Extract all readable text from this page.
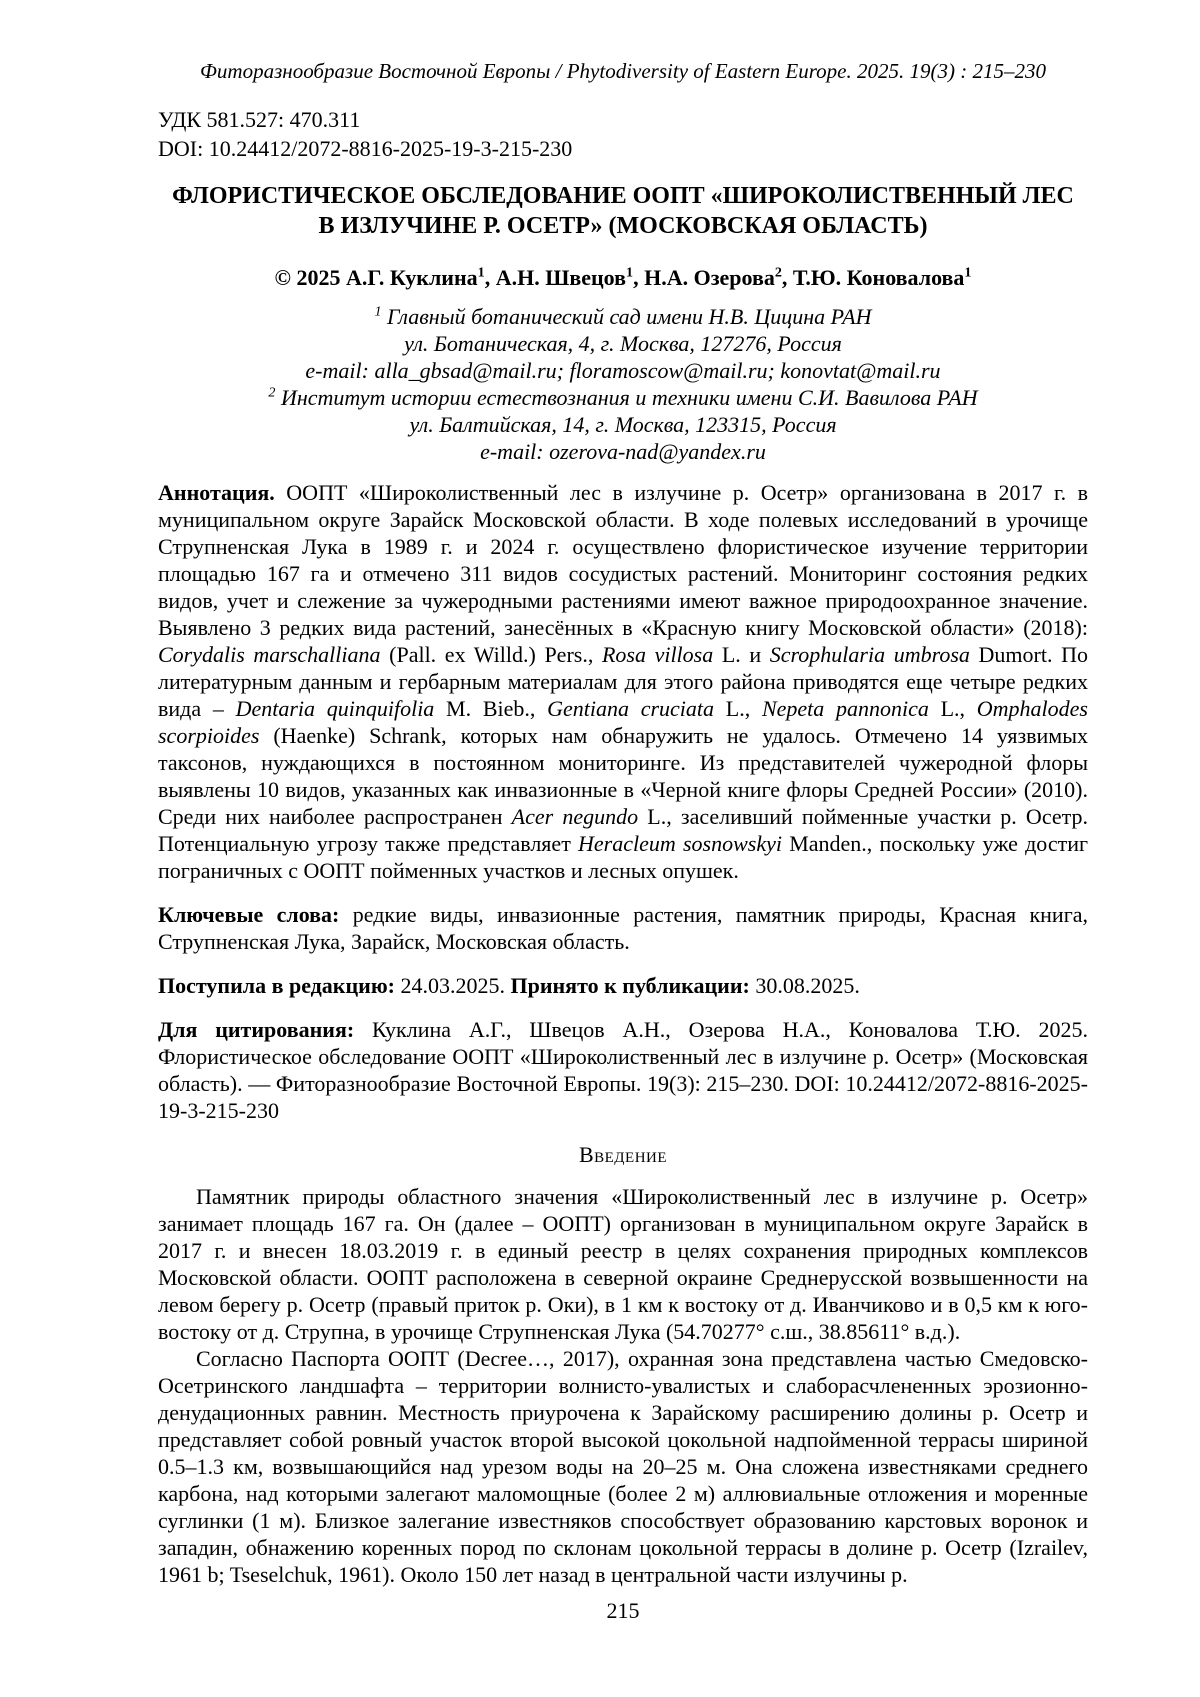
Фиторазнообразие Восточной Европы / Phytodiversity of Eastern Europe. 2025. 19(3) : 215–230
УДК 581.527: 470.311
DOI: 10.24412/2072-8816-2025-19-3-215-230
ФЛОРИСТИЧЕСКОЕ ОБСЛЕДОВАНИЕ ООПТ «ШИРОКОЛИСТВЕННЫЙ ЛЕС
В ИЗЛУЧИНЕ Р. ОСЕТР» (МОСКОВСКАЯ ОБЛАСТЬ)
© 2025 А.Г. Куклина$^1$, А.Н. Швецов$^1$, Н.А. Озерова$^2$, Т.Ю. Коновалова$^1$
$^1$ Главный ботанический сад имени Н.В. Цицина РАН
ул. Ботаническая, 4, г. Москва, 127276, Россия
e-mail: alla_gbsad@mail.ru; floramoscow@mail.ru; konovtat@mail.ru
$^2$ Институт истории естествознания и техники имени С.И. Вавилова РАН
ул. Балтийская, 14, г. Москва, 123315, Россия
e-mail: ozerova-nad@yandex.ru

Аннотация. ООПТ «Широколиственный лес в излучине р. Осетр» организована в 2017 г. в муниципальном округе Зарайск Московской области. В ходе полевых исследований в урочище Струпненская Лука в 1989 г. и 2024 г. осуществлено флористическое изучение территории площадью 167 га и отмечено 311 видов сосудистых растений. Мониторинг состояния редких видов, учет и слежение за чужеродными растениями имеют важное природоохранное значение. Выявлено 3 редких вида растений, занесённых в «Красную книгу Московской области» (2018): Corydalis marschalliana (Pall. ex Willd.) Pers., Rosa villosa L. и Scrophularia umbrosa Dumort. По литературным данным и гербарным материалам для этого района приводятся еще четыре редких вида – Dentaria quinquifolia M. Bieb., Gentiana cruciata L., Nepeta pannonica L., Omphalodes scorpioides (Haenke) Schrank, которых нам обнаружить не удалось. Отмечено 14 уязвимых таксонов, нуждающихся в постоянном мониторинге. Из представителей чужеродной флоры выявлены 10 видов, указанных как инвазионные в «Черной книге флоры Средней России» (2010). Среди них наиболее распространен Acer negundo L., заселивший пойменные участки р. Осетр. Потенциальную угрозу также представляет Heracleum sosnowskyi Manden., поскольку уже достиг пограничных с ООПТ пойменных участков и лесных опушек.

Ключевые слова: редкие виды, инвазионные растения, памятник природы, Красная книга, Струпненская Лука, Зарайск, Московская область.

Поступила в редакцию: 24.03.2025. Принято к публикации: 30.08.2025.

Для цитирования: Куклина А.Г., Швецов А.Н., Озерова Н.А., Коновалова Т.Ю. 2025. Флористическое обследование ООПТ «Широколиственный лес в излучине р. Осетр» (Московская область). — Фиторазнообразие Восточной Европы. 19(3): 215–230. DOI: 10.24412/2072-8816-2025-19-3-215-230

Введение

Памятник природы областного значения «Широколиственный лес в излучине р. Осетр» занимает площадь 167 га. Он (далее – ООПТ) организован в муниципальном округе Зарайск в 2017 г. и внесен 18.03.2019 г. в единый реестр в целях сохранения природных комплексов Московской области. ООПТ расположена в северной окраине Среднерусской возвышенности на левом берегу р. Осетр (правый приток р. Оки), в 1 км к востоку от д. Иванчиково и в 0,5 км к юго-востоку от д. Струпна, в урочище Струпненская Лука (54.70277° с.ш., 38.85611° в.д.).

Согласно Паспорта ООПТ (Decree…, 2017), охранная зона представлена частью Смедовско-Осетринского ландшафта – территории волнисто-увалистых и слаборасчлененных эрозионно-денудационных равнин. Местность приурочена к Зарайскому расширению долины р. Осетр и представляет собой ровный участок второй высокой цокольной надпойменной террасы шириной 0.5–1.3 км, возвышающийся над урезом воды на 20–25 м. Она сложена известняками среднего карбона, над которыми залегают маломощные (более 2 м) аллювиальные отложения и моренные суглинки (1 м). Близкое залегание известняков способствует образованию карстовых воронок и западин, обнажению коренных пород по склонам цокольной террасы в долине р. Осетр (Izrailev, 1961 b; Tseselchuk, 1961). Около 150 лет назад в центральной части излучины р.

215
